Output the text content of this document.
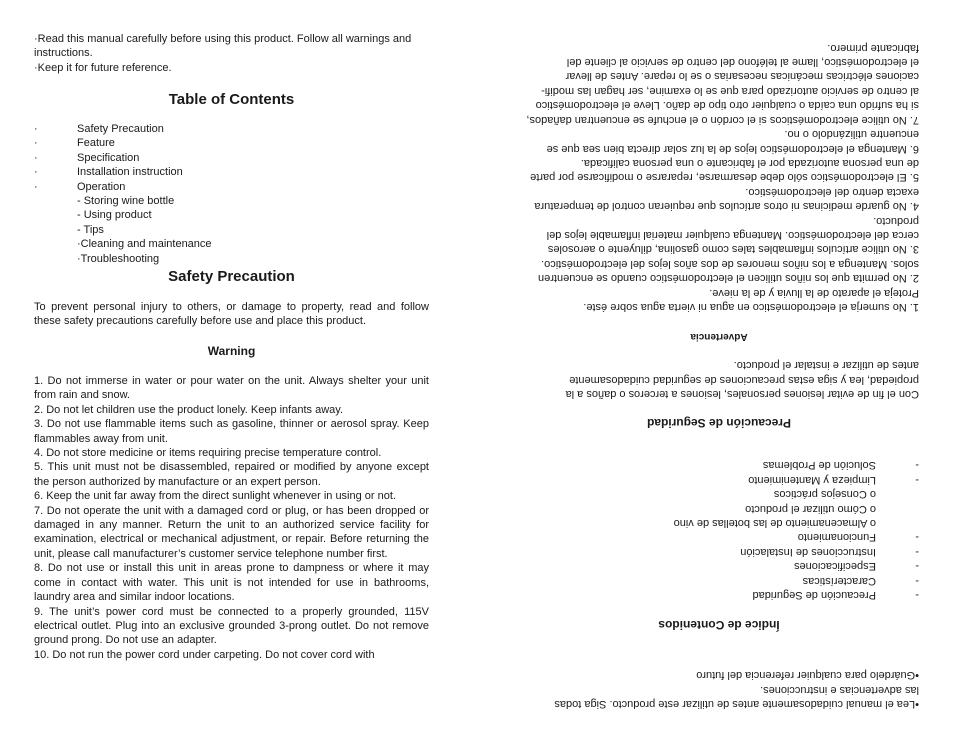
·Read this manual carefully before using this product. Follow all warnings and instructions.
·Keep it for future reference.
Table of Contents
·	Safety Precaution
·	Feature
·	Specification
·	Installation instruction
·	Operation
- Storing wine bottle
- Using product
- Tips
·Cleaning and maintenance
·Troubleshooting
Safety Precaution
To prevent personal injury to others, or damage to property, read and follow these safety precautions carefully before use and place this product.
Warning
1. Do not immerse in water or pour water on the unit. Always shelter your unit from rain and snow.
2. Do not let children use the product lonely. Keep infants away.
3. Do not use flammable items such as gasoline, thinner or aerosol spray. Keep flammables away from unit.
4. Do not store medicine or items requiring precise temperature control.
5. This unit must not be disassembled, repaired or modified by anyone except the person authorized by manufacture or an expert person.
6. Keep the unit far away from the direct sunlight whenever in using or not.
7. Do not operate the unit with a damaged cord or plug, or has been dropped or damaged in any manner. Return the unit to an authorized service facility for examination, electrical or mechanical adjustment, or repair. Before returning the unit, please call manufacturer’s customer service telephone number first.
8. Do not use or install this unit in areas prone to dampness or where it may come in contact with water. This unit is not intended for use in bathrooms, laundry area and similar indoor locations.
9. The unit’s power cord must be connected to a properly grounded, 115V electrical outlet. Plug into an exclusive grounded 3-prong outlet. Do not remove ground prong. Do not use an adapter.
10. Do not run the power cord under carpeting. Do not cover cord with
•Lea el manual cuidadosamente antes de utilizar este producto. Siga todas
las advertencias e instrucciones.
•Guárdelo para cualquier referencia del futuro
Índice de Contenidos
-
Precaución de Seguridad
-
Características
-
Especificaciones
-
Instrucciones de Instalación
-
Funcionamiento
o Almacenamiento de las botellas de vino
o Cómo utilizar el producto
o Consejos prácticos
-
Limpieza y Mantenimiento
-
Solución de Problemas
Precaución de Seguridad
Con el fin de evitar lesiones personales, lesiones a terceros o daños a la
propiedad, lea y siga estas precauciones de seguridad cuidadosamente
antes de utilizar e instalar el producto.
Advertencia
1. No sumerja el electrodoméstico en agua ni vierta agua sobre éste.
Proteja el aparato de la lluvia y de la nieve.
2. No permita que los niños utilicen el electrodoméstico cuando se encuentren
solos. Mantenga a los niños menores de dos años lejos del electrodoméstico.
3. No utilice artículos inflamables tales como gasolina, diluyente o aerosoles
cerca del electrodoméstico. Mantenga cualquier material inflamable lejos del
producto.
4. No guarde medicinas ni otros artículos que requieran control de temperatura
exacta dentro del electrodoméstico.
5. El electrodoméstico sólo debe desarmarse, repararse o modificarse por parte
de una persona autorizada por el fabricante o una persona calificada.
6. Mantenga el electrodoméstico lejos de la luz solar directa bien sea que se
encuentre utilizándolo o no.
7. No utilice electrodomésticos si el cordón o el enchufe se encuentran dañados,
si ha sufrido una caída o cualquier otro tipo de daño. Lleve el electrodoméstico
al centro de servicio autorizado para que se lo examine, ser hagan las modifi-
caciones eléctricas mecánicas necesarias o se lo repare. Antes de llevar
el electrodoméstico, llame al teléfono del centro de servicio al cliente del
fabricante primero.
